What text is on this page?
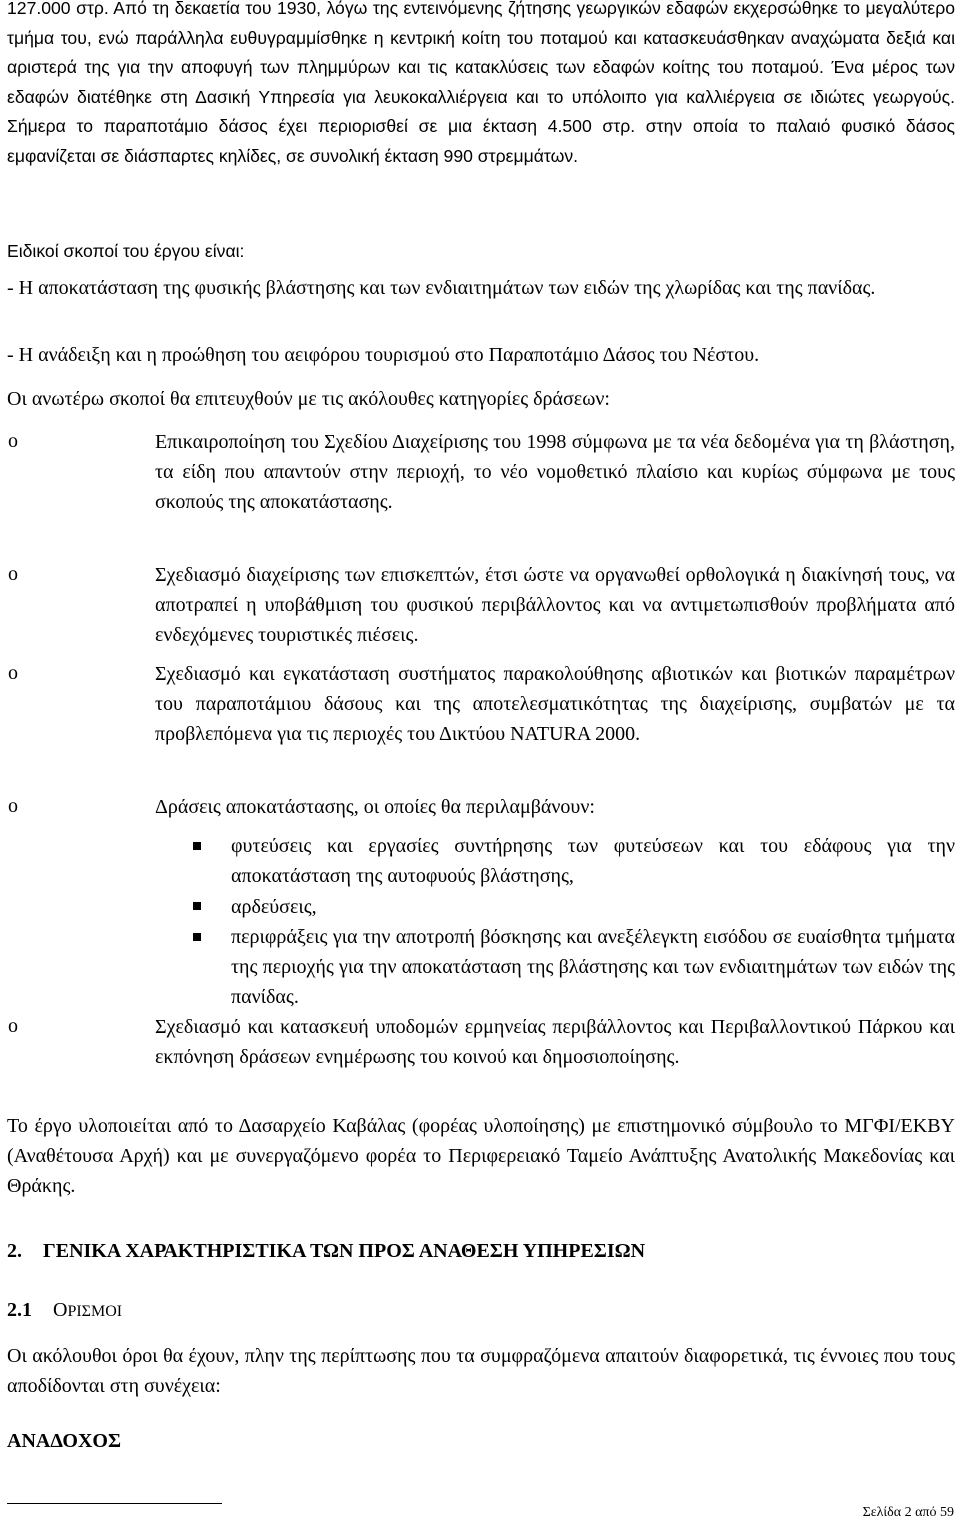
127.000 στρ. Από τη δεκαετία του 1930, λόγω της εντεινόμενης ζήτησης γεωργικών εδαφών εκχερσώθηκε το μεγαλύτερο τμήμα του, ενώ παράλληλα ευθυγραμμίσθηκε η κεντρική κοίτη του ποταμού και κατασκευάσθηκαν αναχώματα δεξιά και αριστερά της για την αποφυγή των πλημμύρων και τις κατακλύσεις των εδαφών κοίτης του ποταμού. Ένα μέρος των εδαφών διατέθηκε στη Δασική Υπηρεσία για λευκοκαλλιέργεια και το υπόλοιπο για καλλιέργεια σε ιδιώτες γεωργούς. Σήμερα το παραποτάμιο δάσος έχει περιορισθεί σε μια έκταση 4.500 στρ. στην οποία το παλαιό φυσικό δάσος εμφανίζεται σε διάσπαρτες κηλίδες, σε συνολική έκταση 990 στρεμμάτων.

Ειδικοί σκοποί του έργου είναι:

- Η αποκατάσταση της φυσικής βλάστησης και των ενδιαιτημάτων των ειδών της χλωρίδας και της πανίδας.

- Η ανάδειξη και η προώθηση του αειφόρου τουρισμού στο Παραποτάμιο Δάσος του Νέστου.

Οι ανωτέρω σκοποί θα επιτευχθούν με τις ακόλουθες κατηγορίες δράσεων:

o	Επικαιροποίηση του Σχεδίου Διαχείρισης του 1998 σύμφωνα με τα νέα δεδομένα για τη βλάστηση, τα είδη που απαντούν στην περιοχή, το νέο νομοθετικό πλαίσιο και κυρίως σύμφωνα με τους σκοπούς της αποκατάστασης.

o	Σχεδιασμό διαχείρισης των επισκεπτών, έτσι ώστε να οργανωθεί ορθολογικά η διακίνησή τους, να αποτραπεί η υποβάθμιση του φυσικού περιβάλλοντος και να αντιμετωπισθούν προβλήματα από ενδεχόμενες τουριστικές πιέσεις.

o	Σχεδιασμό και εγκατάσταση συστήματος παρακολούθησης αβιοτικών και βιοτικών παραμέτρων του παραποτάμιου δάσους και της αποτελεσματικότητας της διαχείρισης, συμβατών με τα προβλεπόμενα για τις περιοχές του Δικτύου NATURA 2000.

o	Δράσεις αποκατάστασης, οι οποίες θα περιλαμβάνουν:

φυτεύσεις και εργασίες συντήρησης των φυτεύσεων και του εδάφους για την αποκατάσταση της αυτοφυούς βλάστησης,

αρδεύσεις,

περιφράξεις για την αποτροπή βόσκησης και ανεξέλεγκτη εισόδου σε ευαίσθητα τμήματα της περιοχής για την αποκατάσταση της βλάστησης και των ενδιαιτημάτων των ειδών της πανίδας.

o	Σχεδιασμό και κατασκευή υποδομών ερμηνείας περιβάλλοντος και Περιβαλλοντικού Πάρκου και εκπόνηση δράσεων ενημέρωσης του κοινού και δημοσιοποίησης.

Το έργο υλοποιείται από το Δασαρχείο Καβάλας (φορέας υλοποίησης) με επιστημονικό σύμβουλο το ΜΓΦΙ/ΕΚΒΥ (Αναθέτουσα Αρχή) και με συνεργαζόμενο φορέα το Περιφερειακό Ταμείο Ανάπτυξης Ανατολικής Μακεδονίας και Θράκης.

2. ΓΕΝΙΚΑ ΧΑΡΑΚΤΗΡΙΣΤΙΚΑ ΤΩΝ ΠΡΟΣ ΑΝΑΘΕΣΗ ΥΠΗΡΕΣΙΩΝ
2.1 ΟΡΙΣΜΟΙ

Οι ακόλουθοι όροι θα έχουν, πλην της περίπτωσης που τα συμφραζόμενα απαιτούν διαφορετικά, τις έννοιες που τους αποδίδονται στη συνέχεια:

ΑΝΑΔΟΧΟΣ
Σελίδα 2 από 59
